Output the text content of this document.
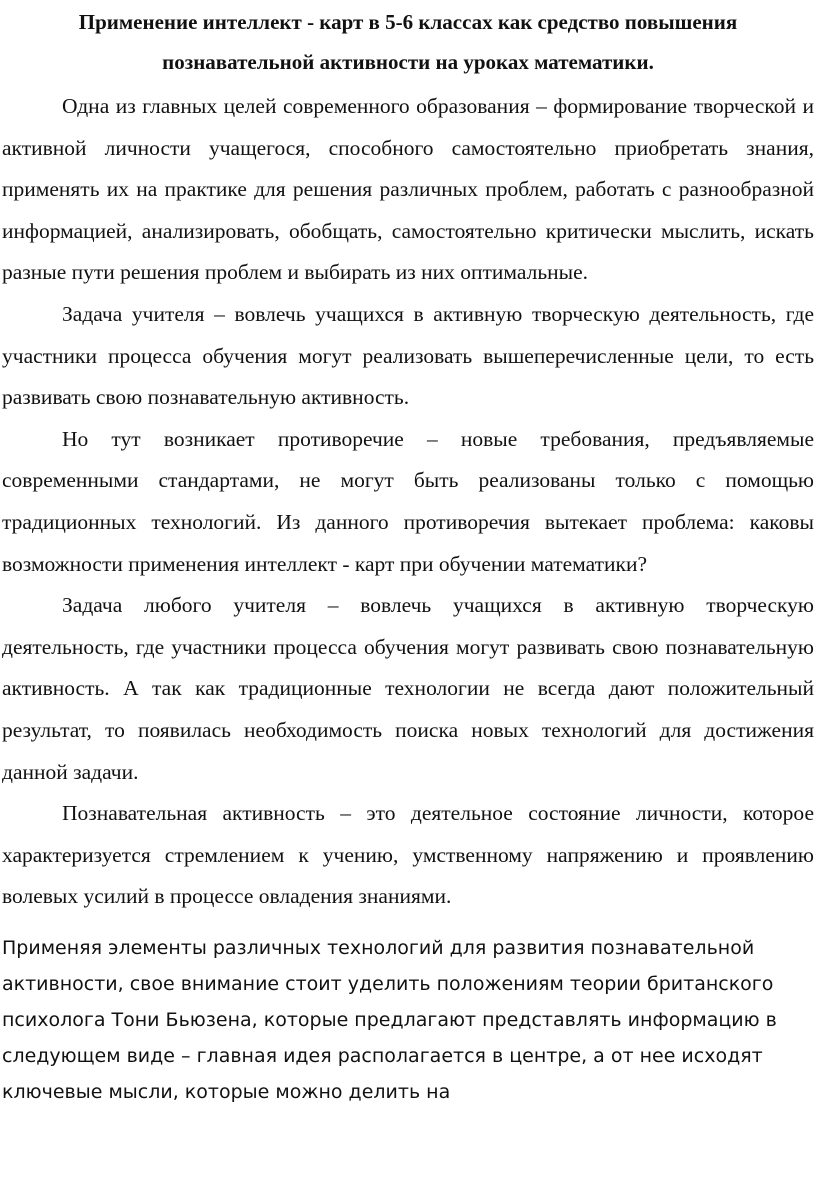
Применение интеллект - карт в 5-6 классах как средство повышения познавательной активности на уроках математики.

Одна из главных целей современного образования – формирование творческой и активной личности учащегося, способного самостоятельно приобретать знания, применять их на практике для решения различных проблем, работать с разнообразной информацией, анализировать, обобщать, самостоятельно критически мыслить, искать разные пути решения проблем и выбирать из них оптимальные.

Задача учителя – вовлечь учащихся в активную творческую деятельность, где участники процесса обучения могут реализовать вышеперечисленные цели, то есть развивать свою познавательную активность.

Но тут возникает противоречие – новые требования, предъявляемые современными стандартами, не могут быть реализованы только с помощью традиционных технологий. Из данного противоречия вытекает проблема: каковы возможности применения интеллект - карт при обучении математики?

Задача любого учителя – вовлечь учащихся в активную творческую деятельность, где участники процесса обучения могут развивать свою познавательную активность. А так как традиционные технологии не всегда дают положительный результат, то появилась необходимость поиска новых технологий для достижения данной задачи.

Познавательная активность – это деятельное состояние личности, которое характеризуется стремлением к учению, умственному напряжению и проявлению волевых усилий в процессе овладения знаниями.

Применяя элементы различных технологий для развития познавательной активности, свое внимание стоит уделить положениям теории британского психолога Тони Бьюзена, которые предлагают представлять информацию в следующем виде – главная идея располагается в центре, а от нее исходят ключевые мысли, которые можно делить на
